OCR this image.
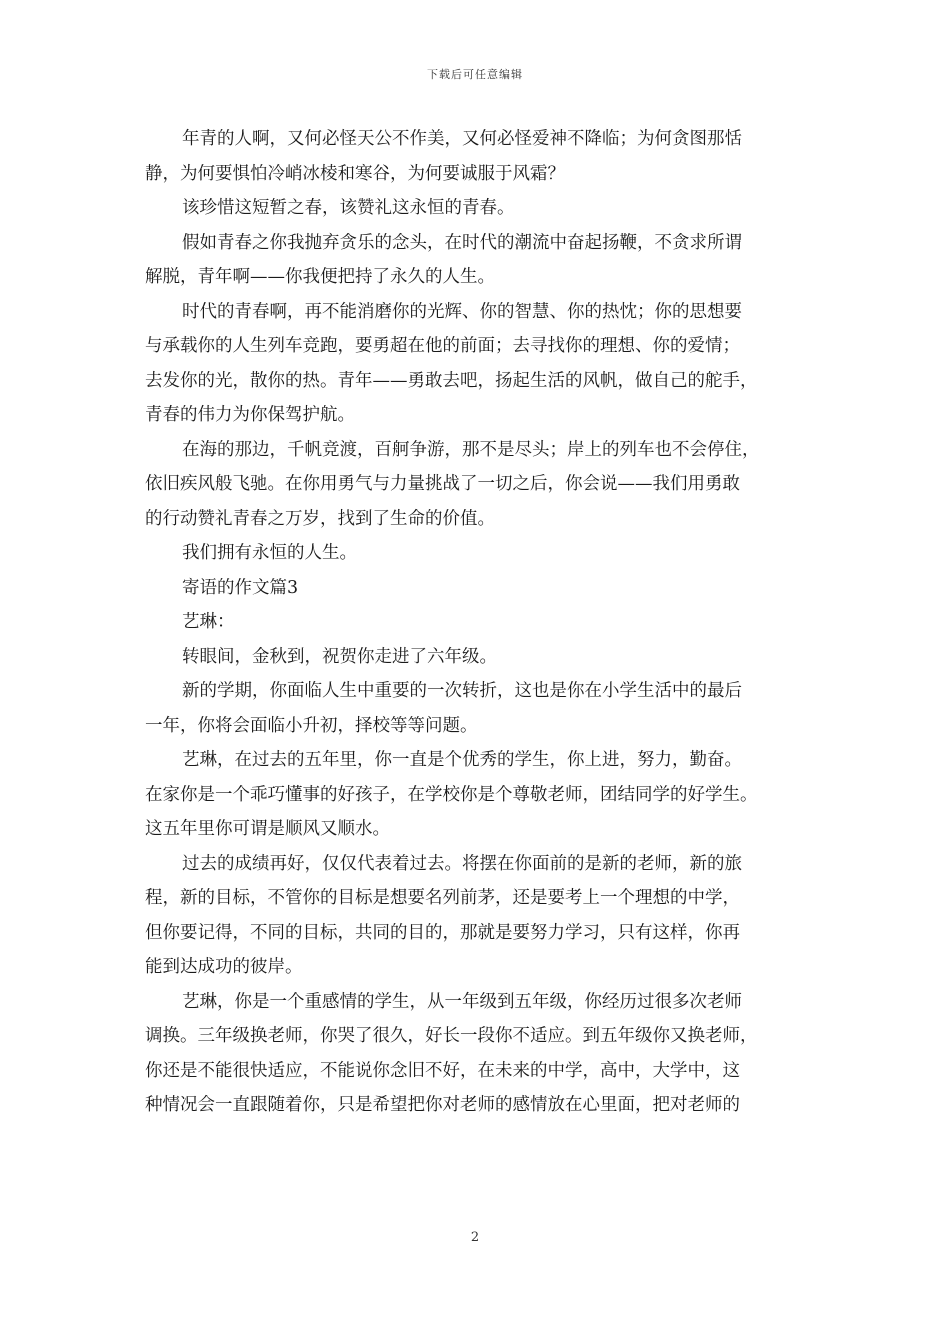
下载后可任意编辑
年青的人啊，又何必怪天公不作美，又何必怪爱神不降临；为何贪图那恬
静，为何要惧怕冷峭冰棱和寒谷，为何要诚服于风霜？
该珍惜这短暂之春，该赞礼这永恒的青春。
假如青春之你我抛弃贪乐的念头，在时代的潮流中奋起扬鞭，不贪求所谓
解脱，青年啊——你我便把持了永久的人生。
时代的青春啊，再不能消磨你的光辉、你的智慧、你的热忱；你的思想要
与承载你的人生列车竞跑，要勇超在他的前面；去寻找你的理想、你的爱情；
去发你的光，散你的热。青年——勇敢去吧，扬起生活的风帆，做自己的舵手，
青春的伟力为你保驾护航。
在海的那边，千帆竞渡，百舸争游，那不是尽头；岸上的列车也不会停住，
依旧疾风般飞驰。在你用勇气与力量挑战了一切之后，你会说——我们用勇敢
的行动赞礼青春之万岁，找到了生命的价值。
我们拥有永恒的人生。
寄语的作文篇3
艺琳：
转眼间，金秋到，祝贺你走进了六年级。
新的学期，你面临人生中重要的一次转折，这也是你在小学生活中的最后
一年，你将会面临小升初，择校等等问题。
艺琳，在过去的五年里，你一直是个优秀的学生，你上进，努力，勤奋。
在家你是一个乖巧懂事的好孩子，在学校你是个尊敬老师，团结同学的好学生。
这五年里你可谓是顺风又顺水。
过去的成绩再好，仅仅代表着过去。将摆在你面前的是新的老师，新的旅
程，新的目标，不管你的目标是想要名列前茅，还是要考上一个理想的中学，
但你要记得，不同的目标，共同的目的，那就是要努力学习，只有这样，你再
能到达成功的彼岸。
艺琳，你是一个重感情的学生，从一年级到五年级，你经历过很多次老师
调换。三年级换老师，你哭了很久，好长一段你不适应。到五年级你又换老师，
你还是不能很快适应，不能说你念旧不好，在未来的中学，高中，大学中，这
种情况会一直跟随着你，只是希望把你对老师的感情放在心里面，把对老师的
2
